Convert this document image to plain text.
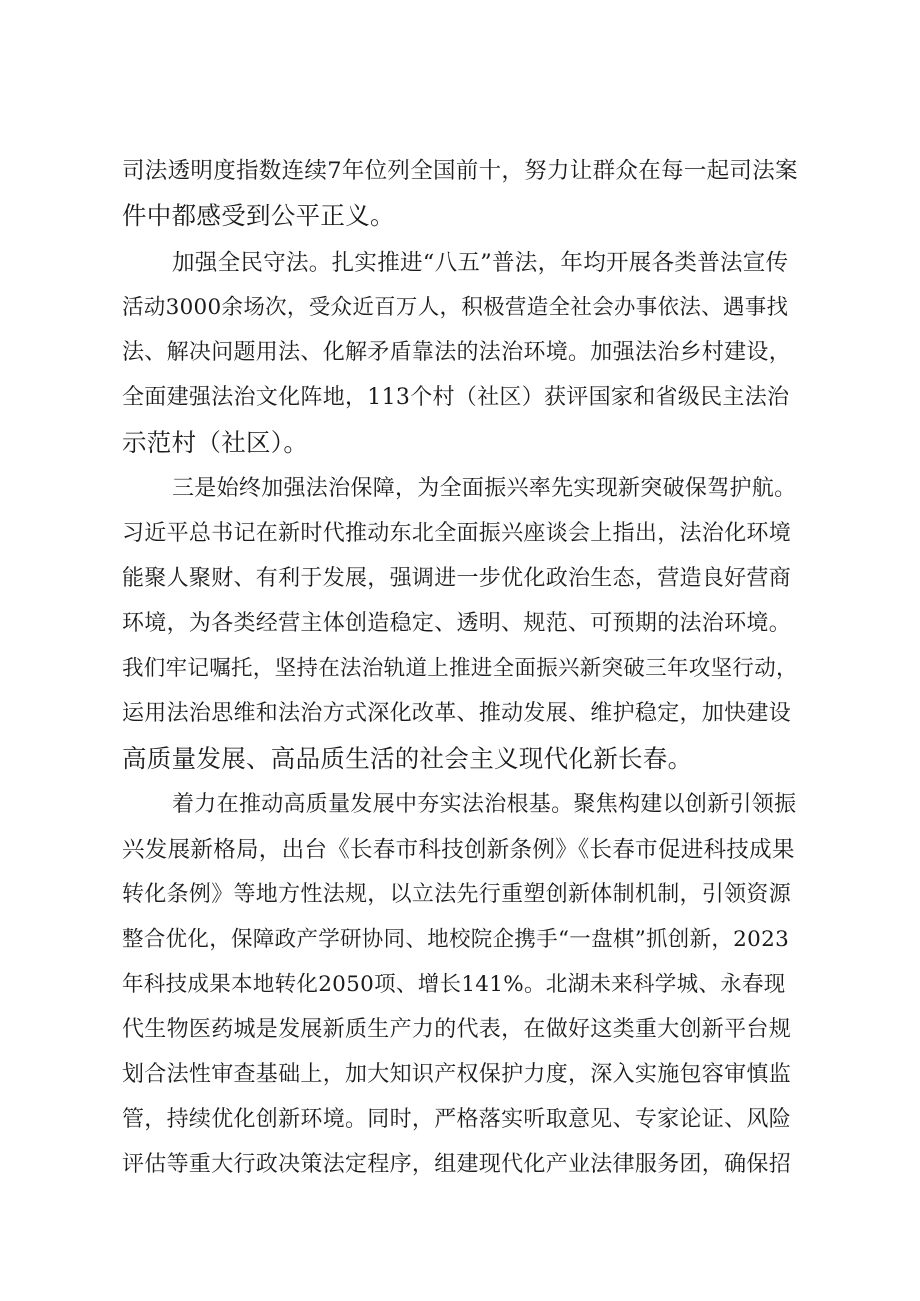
司法透明度指数连续7年位列全国前十，努力让群众在每一起司法案
件中都感受到公平正义。
加强全民守法。扎实推进“八五”普法，年均开展各类普法宣传
活动3000余场次，受众近百万人，积极营造全社会办事依法、遇事找
法、解决问题用法、化解矛盾靠法的法治环境。加强法治乡村建设，
全面建强法治文化阵地，113个村（社区）获评国家和省级民主法治
示范村（社区）。
三是始终加强法治保障，为全面振兴率先实现新突破保驾护航。
习近平总书记在新时代推动东北全面振兴座谈会上指出，法治化环境
能聚人聚财、有利于发展，强调进一步优化政治生态，营造良好营商
环境，为各类经营主体创造稳定、透明、规范、可预期的法治环境。
我们牢记嘱托，坚持在法治轨道上推进全面振兴新突破三年攻坚行动，
运用法治思维和法治方式深化改革、推动发展、维护稳定，加快建设
高质量发展、高品质生活的社会主义现代化新长春。
着力在推动高质量发展中夯实法治根基。聚焦构建以创新引领振
兴发展新格局，出台《长春市科技创新条例》《长春市促进科技成果
转化条例》等地方性法规，以立法先行重塑创新体制机制，引领资源
整合优化，保障政产学研协同、地校院企携手“一盘棋”抓创新，2023
年科技成果本地转化2050项、增长141%。北湖未来科学城、永春现
代生物医药城是发展新质生产力的代表，在做好这类重大创新平台规
划合法性审查基础上，加大知识产权保护力度，深入实施包容审慎监
管，持续优化创新环境。同时，严格落实听取意见、专家论证、风险
评估等重大行政决策法定程序，组建现代化产业法律服务团，确保招
